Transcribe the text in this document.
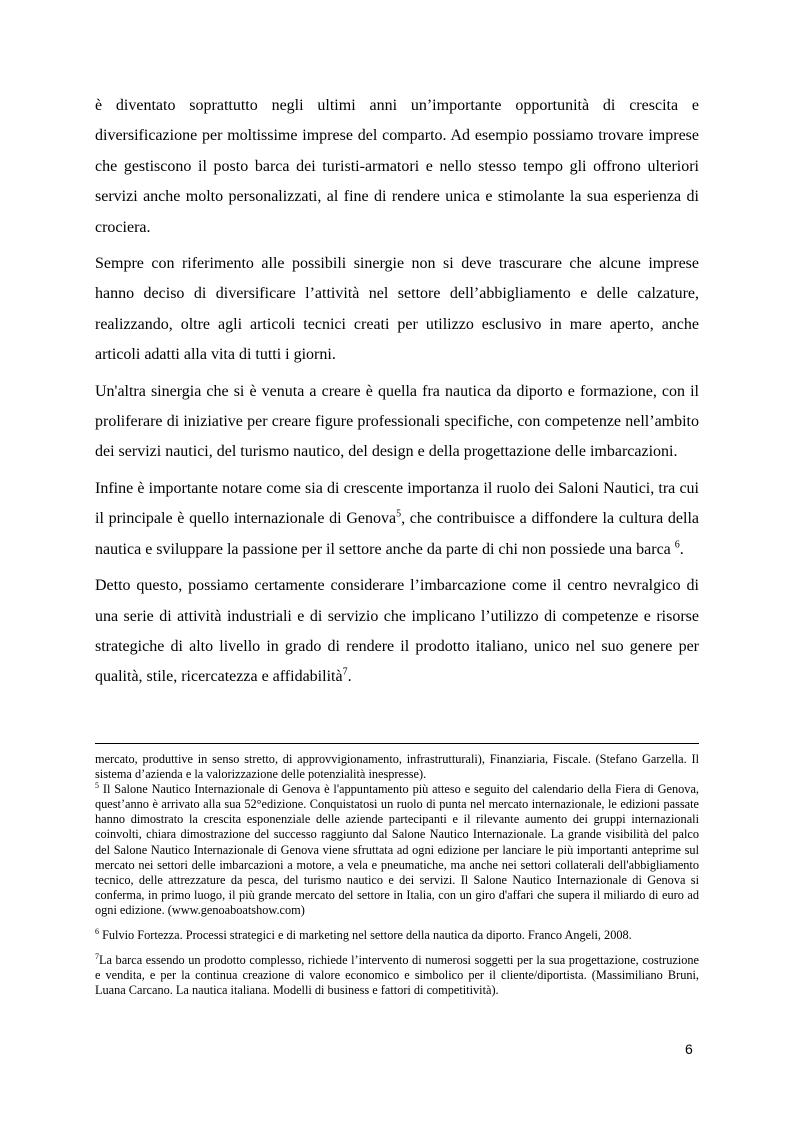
è diventato soprattutto negli ultimi anni un’importante opportunità di crescita e diversificazione per moltissime imprese del comparto. Ad esempio possiamo trovare imprese che gestiscono il posto barca dei turisti-armatori e nello stesso tempo gli offrono ulteriori servizi anche molto personalizzati, al fine di rendere unica e stimolante la sua esperienza di crociera.

Sempre con riferimento alle possibili sinergie non si deve trascurare che alcune imprese hanno deciso di diversificare l’attività nel settore dell’abbigliamento e delle calzature, realizzando, oltre agli articoli tecnici creati per utilizzo esclusivo in mare aperto, anche articoli adatti alla vita di tutti i giorni.

Un'altra sinergia che si è venuta a creare è quella fra nautica da diporto e formazione, con il proliferare di iniziative per creare figure professionali specifiche, con competenze nell’ambito dei servizi nautici, del turismo nautico, del design e della progettazione delle imbarcazioni.

Infine è importante notare come sia di crescente importanza il ruolo dei Saloni Nautici, tra cui il principale è quello internazionale di Genova$^5$, che contribuisce a diffondere la cultura della nautica e sviluppare la passione per il settore anche da parte di chi non possiede una barca $^6$.

Detto questo, possiamo certamente considerare l’imbarcazione come il centro nevralgico di una serie di attività industriali e di servizio che implicano l’utilizzo di competenze e risorse strategiche di alto livello in grado di rendere il prodotto italiano, unico nel suo genere per qualità, stile, ricercatezza e affidabilità$^7$.

mercato, produttive in senso stretto, di approvvigionamento, infrastrutturali), Finanziaria, Fiscale. (Stefano Garzella. Il sistema d’azienda e la valorizzazione delle potenzialità inespresse).

$^5$ Il Salone Nautico Internazionale di Genova è l'appuntamento più atteso e seguito del calendario della Fiera di Genova, quest’anno è arrivato alla sua 52°edizione. Conquistatosi un ruolo di punta nel mercato internazionale, le edizioni passate hanno dimostrato la crescita esponenziale delle aziende partecipanti e il rilevante aumento dei gruppi internazionali coinvolti, chiara dimostrazione del successo raggiunto dal Salone Nautico Internazionale. La grande visibilità del palco del Salone Nautico Internazionale di Genova viene sfruttata ad ogni edizione per lanciare le più importanti anteprime sul mercato nei settori delle imbarcazioni a motore, a vela e pneumatiche, ma anche nei settori collaterali dell'abbigliamento tecnico, delle attrezzature da pesca, del turismo nautico e dei servizi. Il Salone Nautico Internazionale di Genova si conferma, in primo luogo, il più grande mercato del settore in Italia, con un giro d'affari che supera il miliardo di euro ad ogni edizione. (www.genoaboatshow.com)

$^6$ Fulvio Fortezza. Processi strategici e di marketing nel settore della nautica da diporto. Franco Angeli, 2008.

$^7$La barca essendo un prodotto complesso, richiede l’intervento di numerosi soggetti per la sua progettazione, costruzione e vendita, e per la continua creazione di valore economico e simbolico per il cliente/diportista. (Massimiliano Bruni, Luana Carcano. La nautica italiana. Modelli di business e fattori di competitività).

6
